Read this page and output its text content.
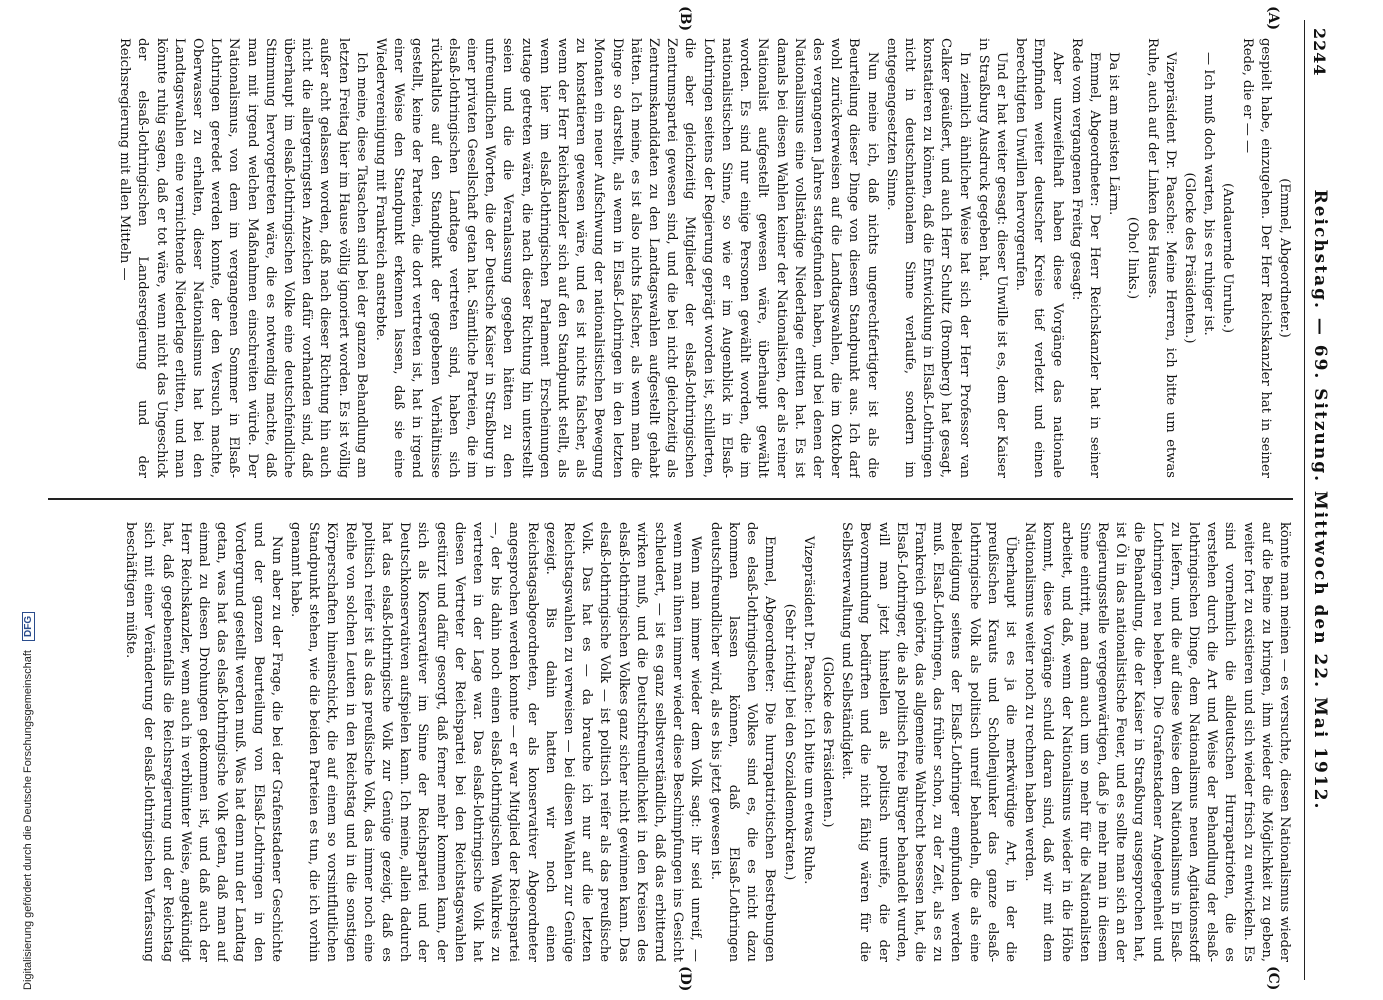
2244
Reichstag. — 69. Sitzung. Mittwoch den 22. Mai 1912.
(A)
(B)
(C)
(D)

(Emmel, Abgeordneter.)

gespielt habe, einzugehen. Der Herr Reichskanzler hat in seiner Rede, die er — —

(Andauernde Unruhe.)

— Ich muß doch warten, bis es ruhiger ist.

(Glocke des Präsidenten.)

Vizepräsident Dr. Paasche: Meine Herren, ich bitte um etwas Ruhe, auch auf der Linken des Hauses.

(Oho! links.)

Da ist am meisten Lärm.

Emmel, Abgeordneter: Der Herr Reichskanzler hat in seiner Rede vom vergangenen Freitag gesagt:

Aber unzweifelhaft haben diese Vorgänge das nationale Empfinden weiter deutscher Kreise tief verletzt und einen berechtigten Unwillen hervorgerufen.

Und er hat weiter gesagt: dieser Unwille ist es, dem der Kaiser in Straßburg Ausdruck gegeben hat.

In ziemlich ähnlicher Weise hat sich der Herr Professor van Calker geäußert, und auch Herr Schultz (Bromberg) hat gesagt, konstatieren zu können, daß die Entwicklung in Elsaß-Lothringen nicht in deutschnationalem Sinne verlaufe, sondern im entgegengesetzten Sinne.

Nun meine ich, daß nichts ungerechtfertigter ist als die Beurteilung dieser Dinge von diesem Standpunkt aus. Ich darf wohl zurückverweisen auf die Landtagswahlen, die im Oktober des vergangenen Jahres stattgefunden haben, und bei denen der Nationalismus eine vollständige Niederlage erlitten hat. Es ist damals bei diesen Wahlen keiner der Nationalisten, der als reiner Nationalist aufgestellt gewesen wäre, überhaupt gewählt worden. Es sind nur einige Personen gewählt worden, die im nationalistischen Sinne, so wie er im Augenblick in Elsaß-Lothringen seitens der Regierung geprägt worden ist, schillerten, die aber gleichzeitig Mitglieder der elsaß-lothringischen Zentrumspartei gewesen sind, und die bei nicht gleichzeitig als Zentrumskandidaten zu den Landtagswahlen aufgestellt gehabt hätten. Ich meine, es ist also nichts falscher, als wenn man die Dinge so darstellt, als wenn in Elsaß-Lothringen in den letzten Monaten ein neuer Aufschwung der nationalistischen Bewegung zu konstatieren gewesen wäre, und es ist nichts falscher, als wenn der Herr Reichskanzler sich auf den Standpunkt stellt, als wenn hier im elsaß-lothringischen Parlament Erscheinungen zutage getreten wären, die nach dieser Richtung hin unterstellt seien und die die Veranlassung gegeben hätten zu den unfreundlichen Worten, die der Deutsche Kaiser in Straßburg in einer privaten Gesellschaft getan hat. Sämtliche Parteien, die im elsaß-lothringischen Landtage vertreten sind, haben sich rückhaltlos auf den Standpunkt der gegebenen Verhältnisse gestellt, keine der Parteien, die dort vertreten ist, hat in irgend einer Weise den Standpunkt erkennen lassen, daß sie eine Wiedervereinigung mit Frankreich anstrebte.

Ich meine, diese Tatsachen sind bei der ganzen Behandlung am letzten Freitag hier im Hause völlig ignoriert worden. Es ist völlig außer acht gelassen worden, daß nach dieser Richtung hin auch nicht die allergeringsten Anzeichen dafür vorhanden sind, daß überhaupt im elsaß-lothringischen Volke eine deutschfeindliche Stimmung hervorgetreten wäre, die es notwendig machte, daß man mit irgend welchen Maßnahmen einschreiten würde. Der Nationalismus, von dem im vergangenen Sommer in Elsaß-Lothringen geredet werden konnte, der den Versuch machte, Oberwasser zu erhalten, dieser Nationalismus hat bei den Landtagswahlen eine vernichtende Niederlage erlitten, und man könnte ruhig sagen, daß er tot wäre, wenn nicht das Ungeschick der elsaß-lothringischen Landesregierung und der Reichsregierung mit allen Mitteln —

könnte man meinen — es versuchte, diesen Nationalismus wieder auf die Beine zu bringen, ihm wieder die Möglichkeit zu geben, weiter fort zu existieren und sich wieder frisch zu entwickeln. Es sind vornehmlich die alldeutschen Hurrapatrioten, die es verstehen durch die Art und Weise der Behandlung der elsaß-lothringischen Dinge, dem Nationalismus neuen Agitationsstoff zu liefern, und die auf diese Weise dem Nationalismus in Elsaß-Lothringen neu beleben. Die Grafenstadener Angelegenheit und die Behandlung, die der Kaiser in Straßburg ausgesprochen hat, ist Öl in das nationalistische Feuer, und es sollte man sich an der Regierungsstelle vergegenwärtigen, daß je mehr man in diesem Sinne eintritt, man dann auch um so mehr für die Nationalisten arbeitet, und daß, wenn der Nationalismus wieder in die Höhe kommt, diese Vorgänge schuld daran sind, daß wir mit dem Nationalismus weiter noch zu rechnen haben werden.

Überhaupt ist es ja die merkwürdige Art, in der die preußischen Krauts und Schollenjunker das ganze elsaß-lothringische Volk als politisch unreif behandeln, die als eine Beleidigung seitens der Elsaß-Lothringer empfunden werden muß. Elsaß-Lothringen, das früher schon, zu der Zeit, als es zu Frankreich gehörte, das allgemeine Wahlrecht besessen hat, die Elsaß-Lothringer, die als politisch freie Bürger behandelt wurden, will man jetzt hinstellen als politisch unreife, die der Bevormundung bedürften und die nicht fähig wären für die Selbstverwaltung und Selbständigkeit.

(Glocke des Präsidenten.)

Vizepräsident Dr. Paasche: Ich bitte um etwas Ruhe.

(Sehr richtig! bei den Sozialdemokraten.)

Emmel, Abgeordneter: Die hurrapatriotischen Bestrebungen des elsaß-lothringischen Volkes sind es, die es nicht dazu kommen lassen können, daß Elsaß-Lothringen deutschfreundlicher wird, als es bis jetzt gewesen ist.

Wenn man immer wieder dem Volk sagt: ihr seid unreif, — wenn man ihnen immer wieder diese Beschimpfungen ins Gesicht schleudert, — ist es ganz selbstverständlich, daß das erbitternd wirken muß, und die Deutschfreundlichkeit in den Kreisen des elsaß-lothringischen Volkes ganz sicher nicht gewinnen kann. Das elsaß-lothringische Volk — ist politisch reifer als das preußische Volk. Das hat es — da brauche ich nur auf die letzten Reichstagswahlen zu verweisen — bei diesen Wahlen zur Genüge gezeigt. Bis dahin hatten wir noch einen Reichstagsabgeordneten, der als konservativer Abgeordneter angesprochen werden konnte — er war Mitglied der Reichspartei —, der bis dahin noch einen elsaß-lothringischen Wahlkreis zu vertreten in der Lage war. Das elsaß-lothringische Volk hat diesen Vertreter der Reichspartei bei den Reichstagswahlen gestürzt und dafür gesorgt, daß ferner mehr kommen kann, der sich als Konservativer im Sinne der Reichspartei und der Deutschkonservativen aufspielen kann. Ich meine, allein dadurch hat das elsaß-lothringische Volk zur Genüge gezeigt, daß es politisch reifer ist als das preußische Volk, das immer noch eine Reihe von solchen Leuten in den Reichstag und in die sonstigen Körperschaften hineinschickt, die auf einem so vorsintflutlichen Standpunkt stehen, wie die beiden Parteien es tun, die ich vorhin genannt habe.

Nun aber zu der Frage, die bei der Grafenstadener Geschichte und der ganzen Beurteilung von Elsaß-Lothringen in den Vordergrund gestellt werden muß. Was hat denn nun der Landtag getan, was hat das elsaß-lothringische Volk getan, daß man auf einmal zu diesen Drohungen gekommen ist, und daß auch der Herr Reichskanzler, wenn auch in verblümter Weise, angekündigt hat, daß gegebenenfalls die Reichsregierung und der Reichstag sich mit einer Veränderung der elsaß-lothringischen Verfassung beschäftigen müßte.

Digitalisierung gefördert durch die Deutsche Forschungsgemeinschaft DFG
